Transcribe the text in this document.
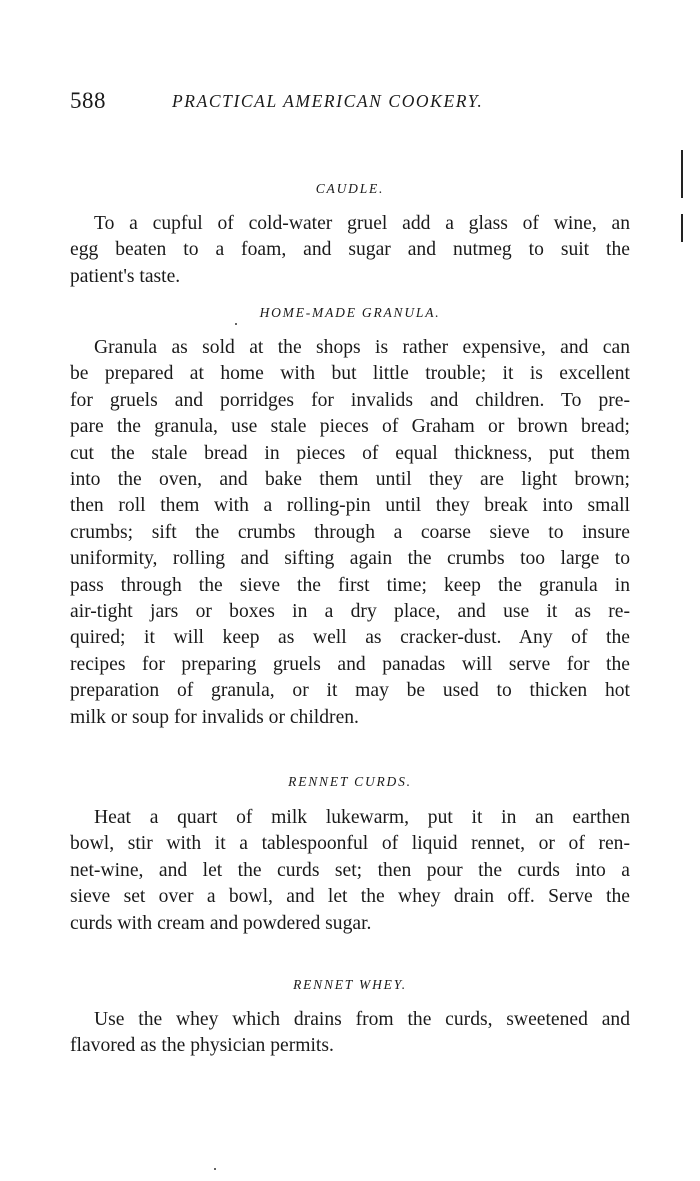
588	PRACTICAL AMERICAN COOKERY.
CAUDLE.
To a cupful of cold-water gruel add a glass of wine, an
egg beaten to a foam, and sugar and nutmeg to suit the
patient's taste.
HOME-MADE GRANULA.
Granula as sold at the shops is rather expensive, and can
be prepared at home with but little trouble; it is excellent
for gruels and porridges for invalids and children. To pre-
pare the granula, use stale pieces of Graham or brown bread;
cut the stale bread in pieces of equal thickness, put them
into the oven, and bake them until they are light brown;
then roll them with a rolling-pin until they break into small
crumbs; sift the crumbs through a coarse sieve to insure
uniformity, rolling and sifting again the crumbs too large to
pass through the sieve the first time; keep the granula in
air-tight jars or boxes in a dry place, and use it as re-
quired; it will keep as well as cracker-dust. Any of the
recipes for preparing gruels and panadas will serve for the
preparation of granula, or it may be used to thicken hot
milk or soup for invalids or children.
RENNET CURDS.
Heat a quart of milk lukewarm, put it in an earthen
bowl, stir with it a tablespoonful of liquid rennet, or of ren-
net-wine, and let the curds set; then pour the curds into a
sieve set over a bowl, and let the whey drain off. Serve the
curds with cream and powdered sugar.
RENNET WHEY.
Use the whey which drains from the curds, sweetened and
flavored as the physician permits.
